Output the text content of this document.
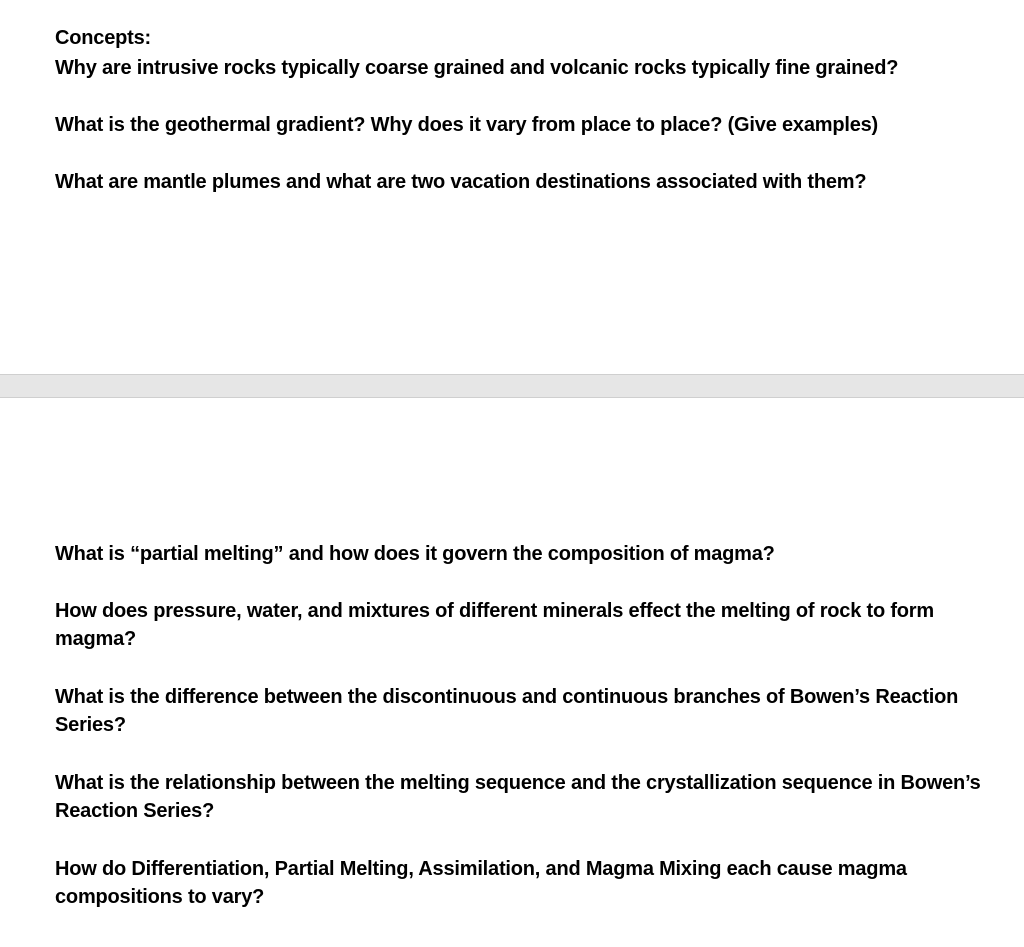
Concepts:
Why are intrusive rocks typically coarse grained and volcanic rocks typically fine grained?
What is the geothermal gradient? Why does it vary from place to place? (Give examples)
What are mantle plumes and what are two vacation destinations associated with them?
What is “partial melting” and how does it govern the composition of magma?
How does pressure, water, and mixtures of different minerals effect the melting of rock to form magma?
What is the difference between the discontinuous and continuous branches of Bowen’s Reaction Series?
What is the relationship between the melting sequence and the crystallization sequence in Bowen’s Reaction Series?
How do Differentiation, Partial Melting, Assimilation, and Magma Mixing each cause magma compositions to vary?
